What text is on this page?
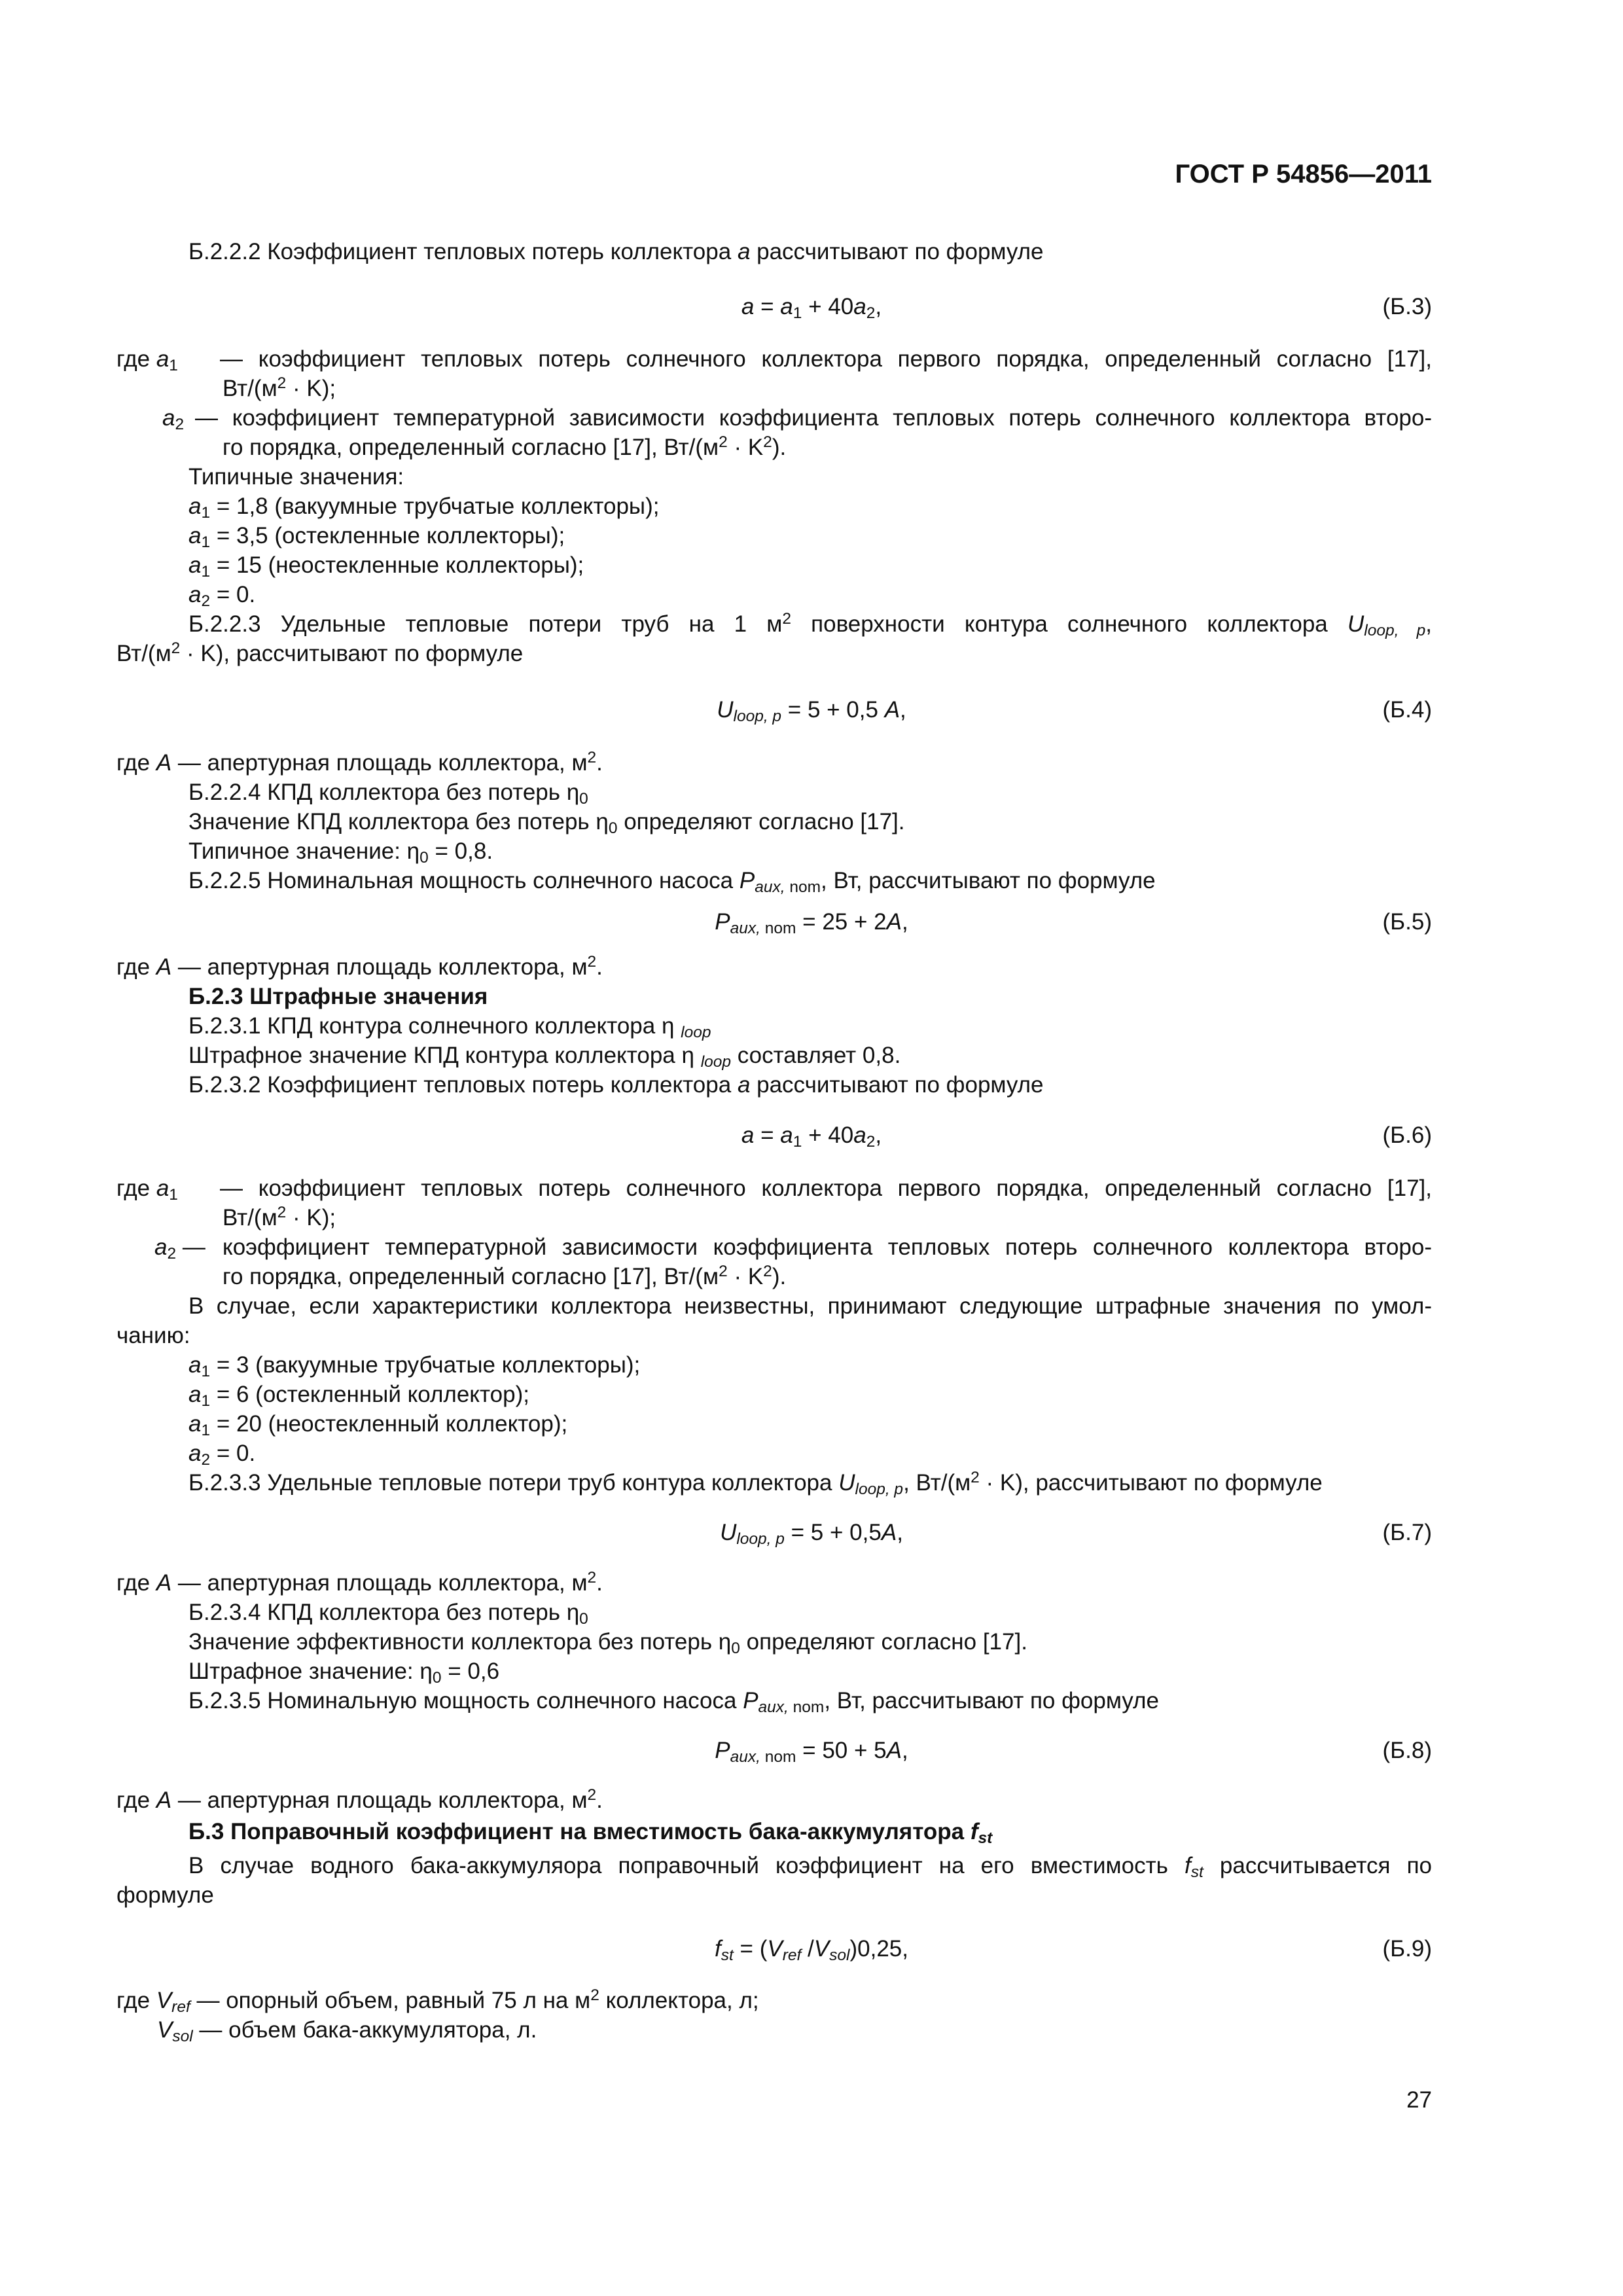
ГОСТ Р 54856—2011
Б.2.2.2 Коэффициент тепловых потерь коллектора a рассчитывают по формуле
$a = a_1 + 40a_2$,	(Б.3)
где $a_1$ — коэффициент тепловых потерь солнечного коллектора первого порядка, определенный согласно [17],
$Вт/(м^2 \cdot K)$;
$a_2$ — коэффициент температурной зависимости коэффициента тепловых потерь солнечного коллектора второ-
го порядка, определенный согласно [17], $Вт/(м^2 \cdot K^2)$.
Типичные значения:
$a_1 = 1,8$ (вакуумные трубчатые коллекторы);
$a_1 = 3,5$ (остекленные коллекторы);
$a_1 = 15$ (неостекленные коллекторы);
$a_2 = 0$.
Б.2.2.3 Удельные тепловые потери труб на 1 $м^2$ поверхности контура солнечного коллектора $U_{loop, p}$,
$Вт/(м^2 \cdot K)$, рассчитывают по формуле
$U_{loop, p} = 5 + 0,5$ A,	(Б.4)
где A — апертурная площадь коллектора, $м^2$.
Б.2.2.4 КПД коллектора без потерь $\eta_0$
Значение КПД коллектора без потерь $\eta_0$ определяют согласно [17].
Типичное значение: $\eta_0 = 0,8$.
Б.2.2.5 Номинальная мощность солнечного насоса $P_{aux, nom}$, Вт, рассчитывают по формуле
$P_{aux, nom} = 25 + 2A$,	(Б.5)
где A — апертурная площадь коллектора, $м^2$.
Б.2.3 Штрафные значения
Б.2.3.1 КПД контура солнечного коллектора η $_{loop}$
Штрафное значение КПД контура коллектора η $_{loop}$ составляет 0,8.
Б.2.3.2 Коэффициент тепловых потерь коллектора a рассчитывают по формуле
$a = a_1 + 40a_2$,	(Б.6)
где $a_1$ — коэффициент тепловых потерь солнечного коллектора первого порядка, определенный согласно [17],
$Вт/(м^2 \cdot K)$;
$a_2$ — коэффициент температурной зависимости коэффициента тепловых потерь солнечного коллектора второ-
го порядка, определенный согласно [17], $Вт/(м^2 \cdot K^2)$.
В случае, если характеристики коллектора неизвестны, принимают следующие штрафные значения по умол-
чанию:
$a_1 = 3$ (вакуумные трубчатые коллекторы);
$a_1 = 6$ (остекленный коллектор);
$a_1 = 20$ (неостекленный коллектор);
$a_2 = 0$.
Б.2.3.3 Удельные тепловые потери труб контура коллектора $U_{loop, p}$, $Вт/(м^2 \cdot K)$, рассчитывают по формуле
$U_{loop, p} = 5 + 0,5A$,	(Б.7)
где A — апертурная площадь коллектора, $м^2$.
Б.2.3.4 КПД коллектора без потерь $\eta_0$
Значение эффективности коллектора без потерь $\eta_0$ определяют согласно [17].
Штрафное значение: $\eta_0 = 0,6$
Б.2.3.5 Номинальную мощность солнечного насоса $P_{aux, nom}$, Вт, рассчитывают по формуле
$P_{aux, nom} = 50 + 5A$,	(Б.8)
где A — апертурная площадь коллектора, $м^2$.
Б.3 Поправочный коэффициент на вместимость бака-аккумулятора $f_{st}$
В случае водного бака-аккумуляора поправочный коэффициент на его вместимость $f_{st}$ рассчитывается по
формуле
$f_{st} = (V_{ref}$ $/V_{sol})0,25$,	(Б.9)
где $V_{ref}$ — опорный объем, равный 75 л на $м^2$ коллектора, л;
$V_{sol}$ — объем бака-аккумулятора, л.
27
